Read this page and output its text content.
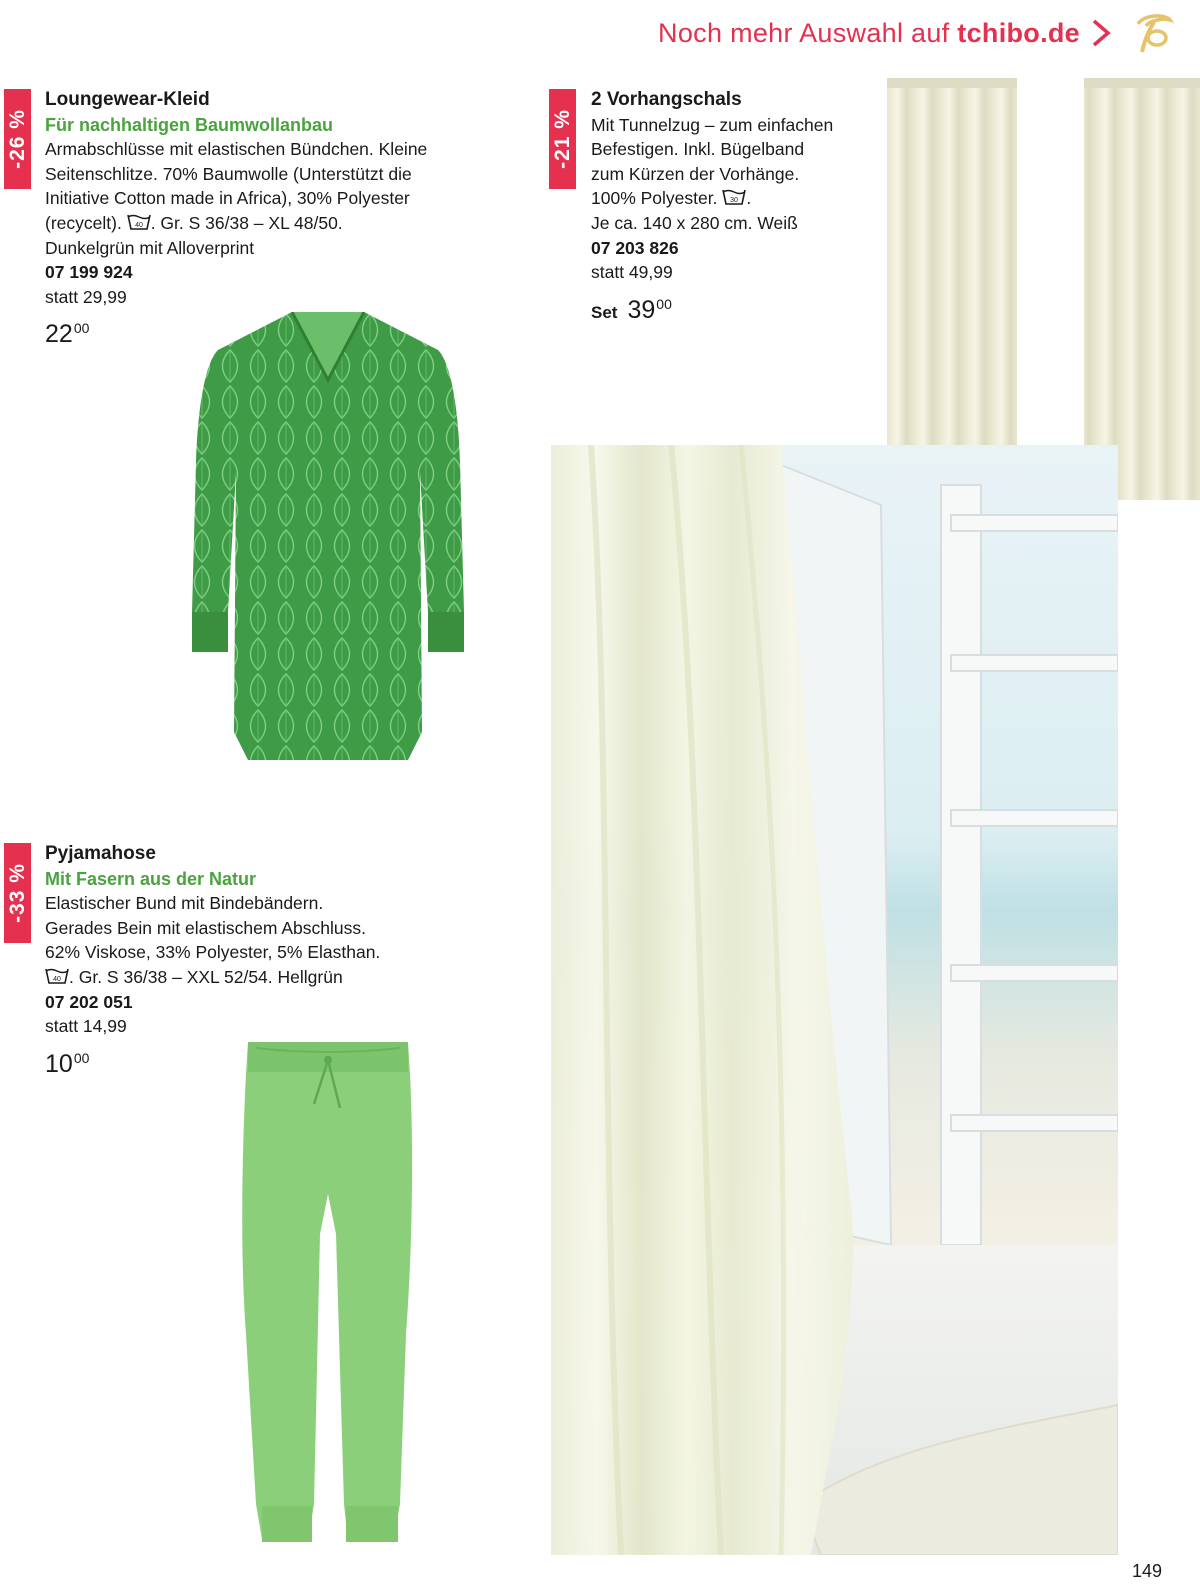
Noch mehr Auswahl auf tchibo.de
-26 %
Loungewear-Kleid
Für nachhaltigen Baumwollanbau
Armabschlüsse mit elastischen Bündchen. Kleine
Seitenschlitze. 70% Baumwolle (Unterstützt die
Initiative Cotton made in Africa), 30% Polyester
(recycelt). 40 . Gr. S 36/38 – XL 48/50.
Dunkelgrün mit Alloverprint
07 199 924
statt 29,99
$22^{00}$
-21 %
2 Vorhangschals
Mit Tunnelzug – zum einfachen
Befestigen. Inkl. Bügelband
zum Kürzen der Vorhänge.
100% Polyester. 30 .
Je ca. 140 x 280 cm. Weiß
07 203 826
statt 49,99
Set $39^{00}$
-33 %
Pyjamahose
Mit Fasern aus der Natur
Elastischer Bund mit Bindebändern.
Gerades Bein mit elastischem Abschluss.
62% Viskose, 33% Polyester, 5% Elasthan.
40 . Gr. S 36/38 – XXL 52/54. Hellgrün
07 202 051
statt 14,99
$10^{00}$
149
